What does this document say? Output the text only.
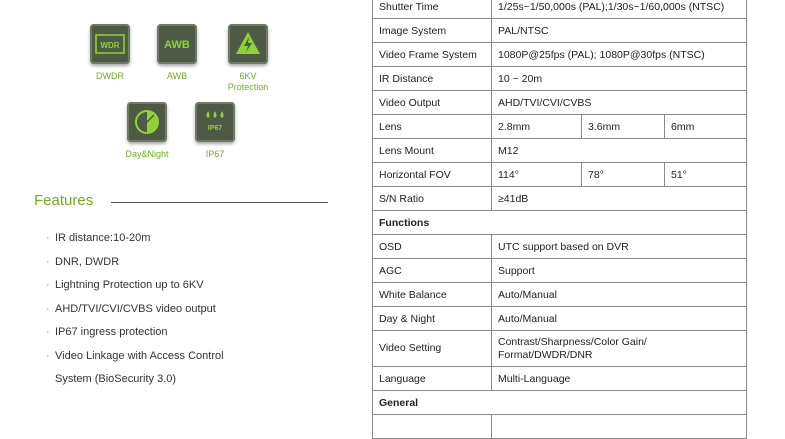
WDR
DWDR
AWB
AWB
6K
6KV
Protection
Day&Night
IP67
IP67
Features
· IR distance:10-20m
· DNR, DWDR
· Lightning Protection up to 6KV
· AHD/TVI/CVI/CVBS video output
· IP67 ingress protection
· Video Linkage with Access Control
System (BioSecurity 3.0)
Shutter Time	1/25s~1/50,000s (PAL);1/30s~1/60,000s (NTSC)		
Image System	PAL/NTSC		
Video Frame System	1080P@25fps (PAL); 1080P@30fps (NTSC)		
IR Distance	10 ~ 20m		
Video Output	AHD/TVI/CVI/CVBS		
Lens	2.8mm	3.6mm	6mm
Lens Mount	M12		
Horizontal FOV	114°	78°	51°
S/N Ratio	≥41dB		
Functions			
OSD	UTC support based on DVR		
AGC	Support		
White Balance	Auto/Manual		
Day & Night	Auto/Manual		
Video Setting	Contrast/Sharpness/Color Gain/
Format/DWDR/DNR		
Language	Multi-Language		
General			
